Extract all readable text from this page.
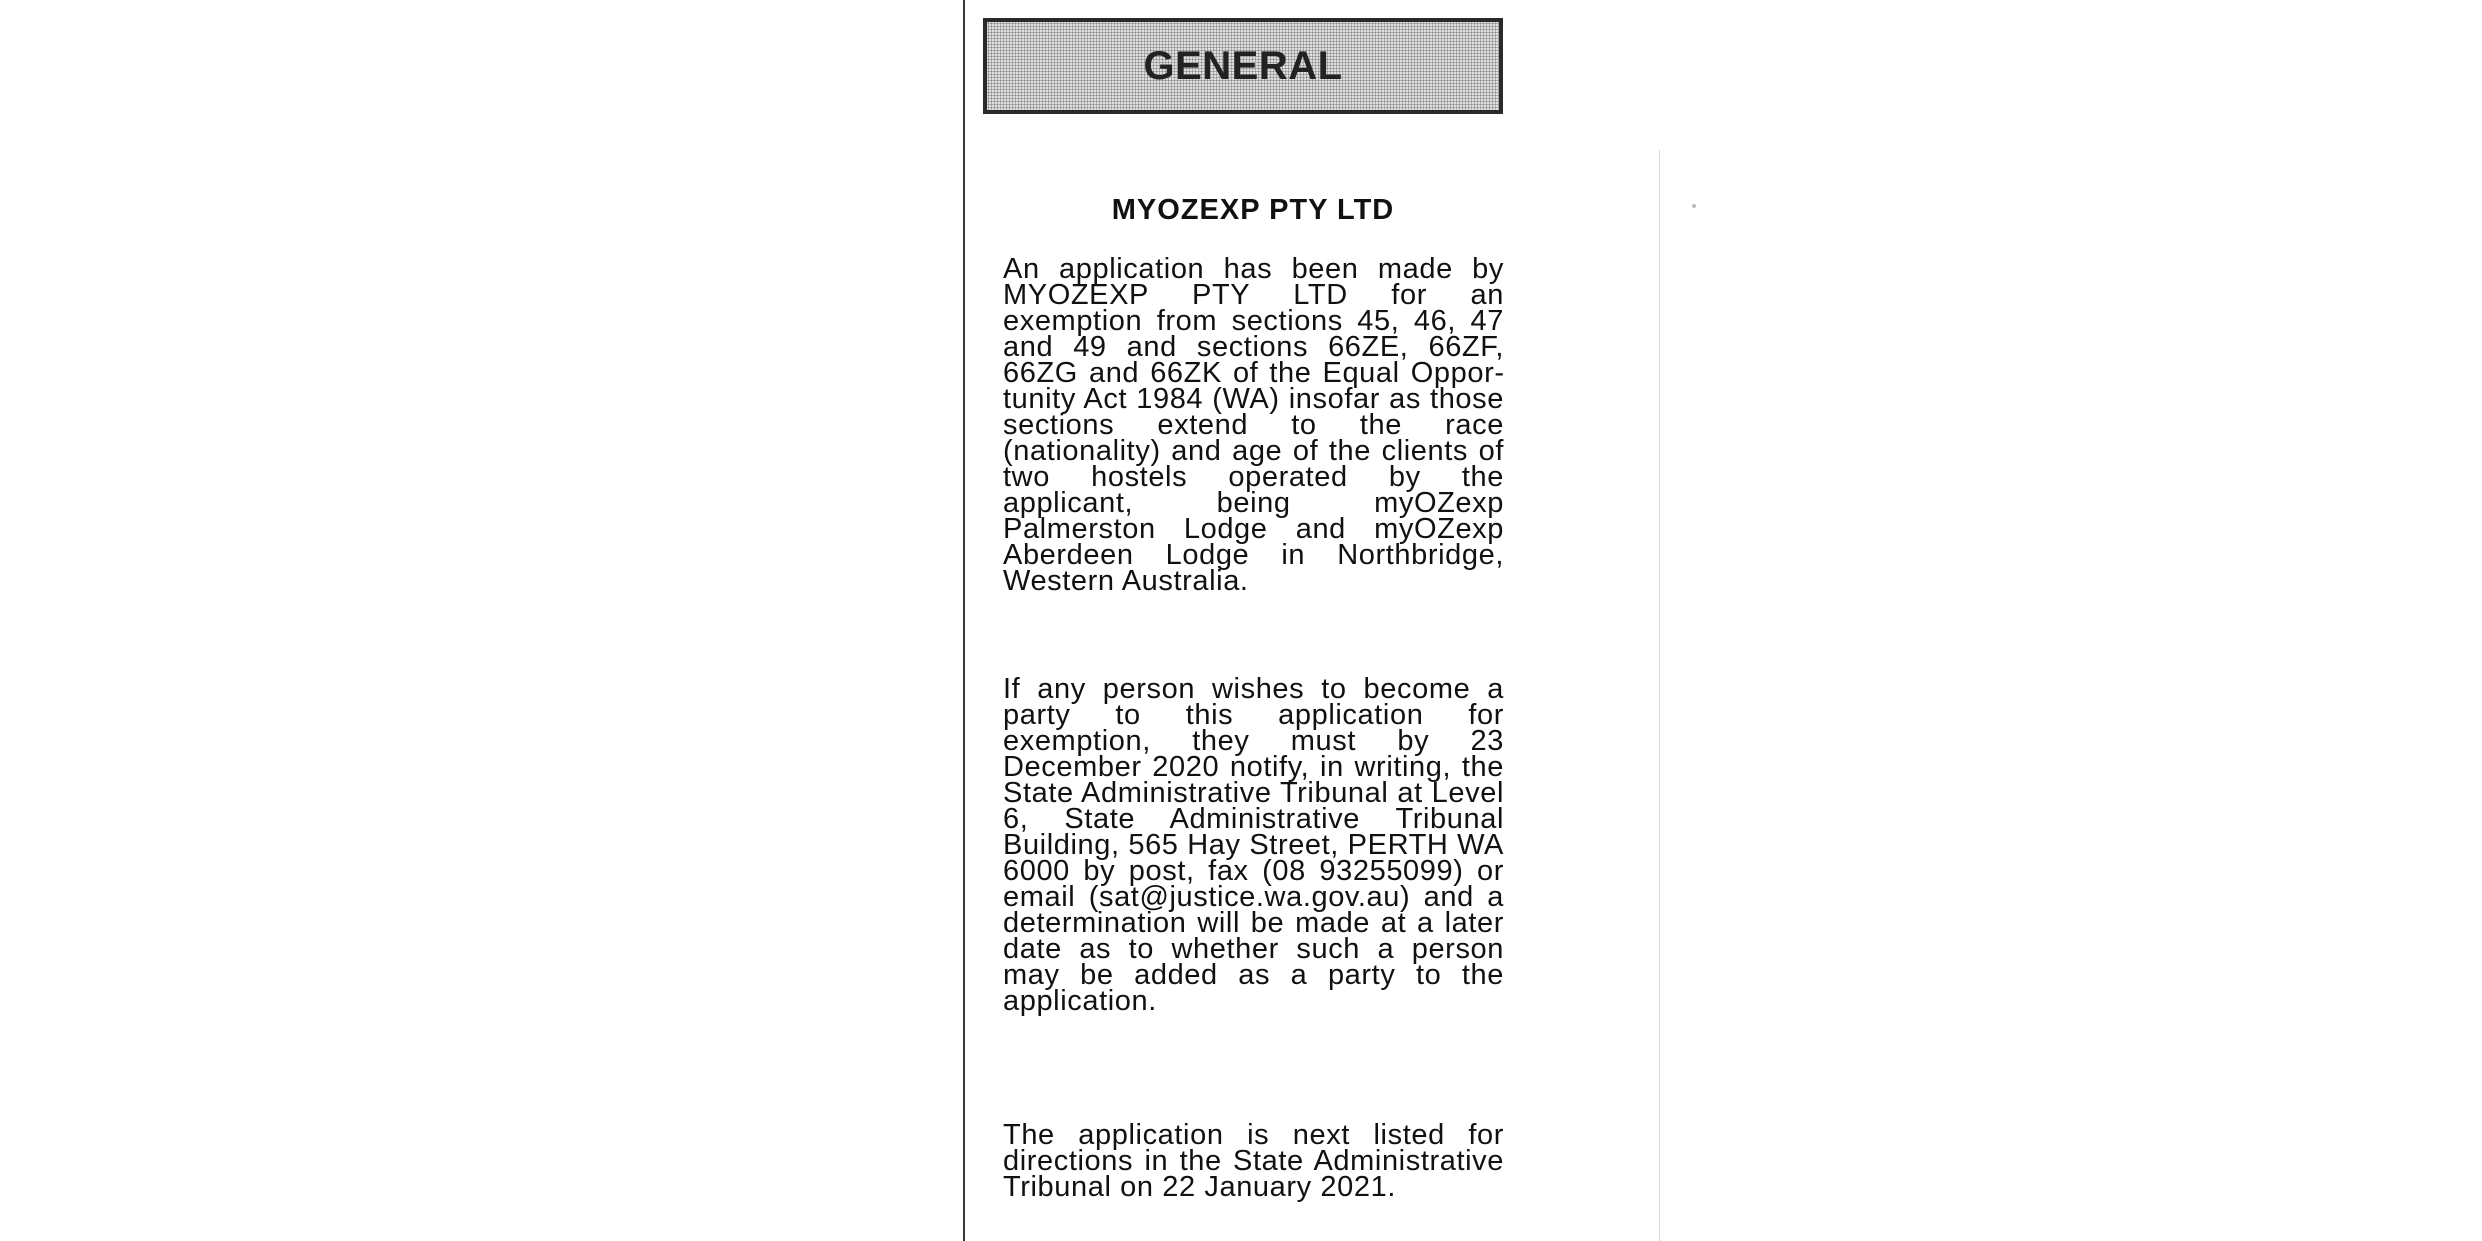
GENERAL
MYOZEXP PTY LTD

An application has been made by MYOZEXP PTY LTD for an exemption from sections 45, 46, 47 and 49 and sections 66ZE, 66ZF, 66ZG and 66ZK of the Equal Opportunity Act 1984 (WA) insofar as those sections extend to the race (nationality) and age of the clients of two hostels operated by the applicant, being myOZexp Palmerston Lodge and myOZexp Aberdeen Lodge in Northbridge, Western Australia.

If any person wishes to become a party to this application for exemption, they must by 23 December 2020 notify, in writing, the State Administrative Tribunal at Level 6, State Administrative Tribunal Building, 565 Hay Street, PERTH WA 6000 by post, fax (08 93255099) or email (sat@justice.wa.gov.au) and a determination will be made at a later date as to whether such a person may be added as a party to the application.

The application is next listed for directions in the State Administrative Tribunal on 22 January 2021.
